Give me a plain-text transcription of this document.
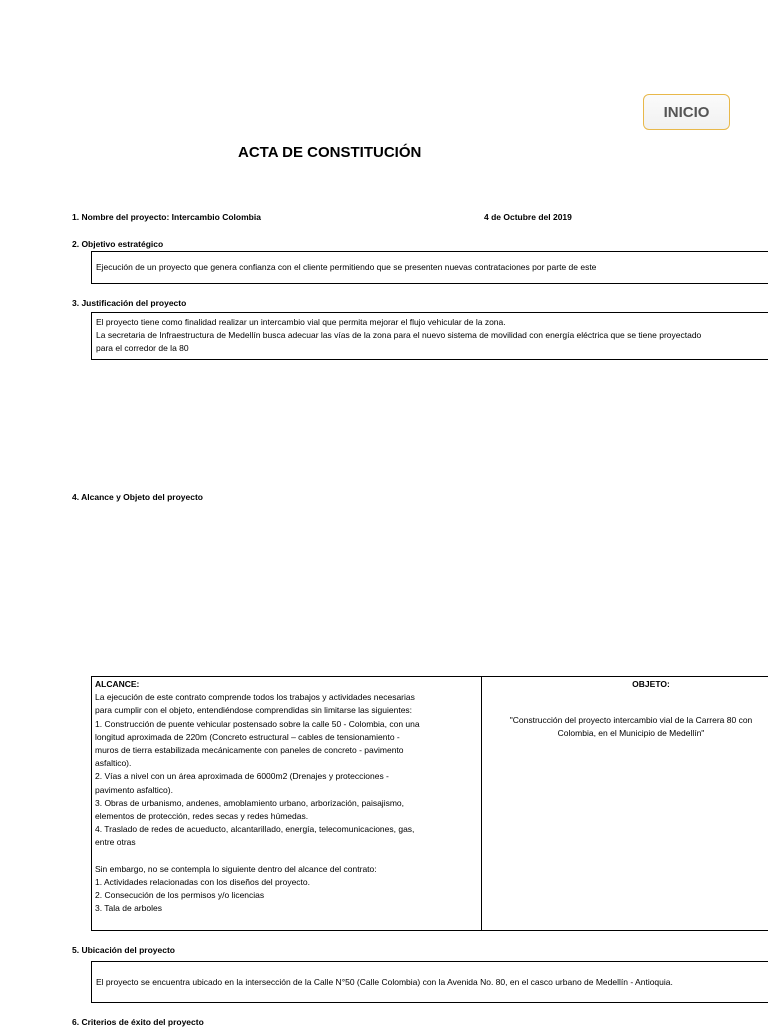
INICIO
ACTA DE CONSTITUCIÓN
1. Nombre del proyecto: Intercambio Colombia	4 de Octubre del 2019
2. Objetivo estratégico
Ejecución de un proyecto que genera confianza con el cliente permitiendo que se presenten nuevas contrataciones por parte de este
3. Justificación del proyecto
El proyecto tiene como finalidad realizar un intercambio vial que permita mejorar el flujo vehicular de la zona.
La secretaria de Infraestructura de Medellín busca adecuar las vías de la zona para el nuevo sistema de movilidad con energía eléctrica que se tiene proyectado
para el corredor de la 80
4. Alcance y Objeto del proyecto
ALCANCE:
La ejecución de este contrato comprende todos los trabajos y actividades necesarias
para cumplir con el objeto, entendiéndose comprendidas sin limitarse las siguientes:
1. Construcción de puente vehicular postensado sobre la calle 50 - Colombia, con una
longitud aproximada de 220m (Concreto estructural – cables de tensionamiento -
muros de tierra estabilizada mecánicamente con paneles de concreto - pavimento
asfaltico).
2. Vías a nivel con un área aproximada de 6000m2 (Drenajes y protecciones -
pavimento asfaltico).
3. Obras de urbanismo, andenes, amoblamiento urbano, arborización, paisajismo,
elementos de protección, redes secas y redes húmedas.
4. Traslado de redes de acueducto, alcantarillado, energía, telecomunicaciones, gas,
entre otras
Sin embargo, no se contempla lo siguiente dentro del alcance del contrato:
1. Actividades relacionadas con los diseños del proyecto.
2. Consecución de los permisos y/o licencias
3. Tala de arboles
OBJETO:
"Construcción del proyecto intercambio vial de la Carrera 80 con
Colombia, en el Municipio de Medellín"
5. Ubicación del proyecto
El proyecto se encuentra ubicado en la intersección de la Calle N°50 (Calle Colombia) con la Avenida No. 80, en el casco urbano de Medellín - Antioquia.
6. Criterios de éxito del proyecto
